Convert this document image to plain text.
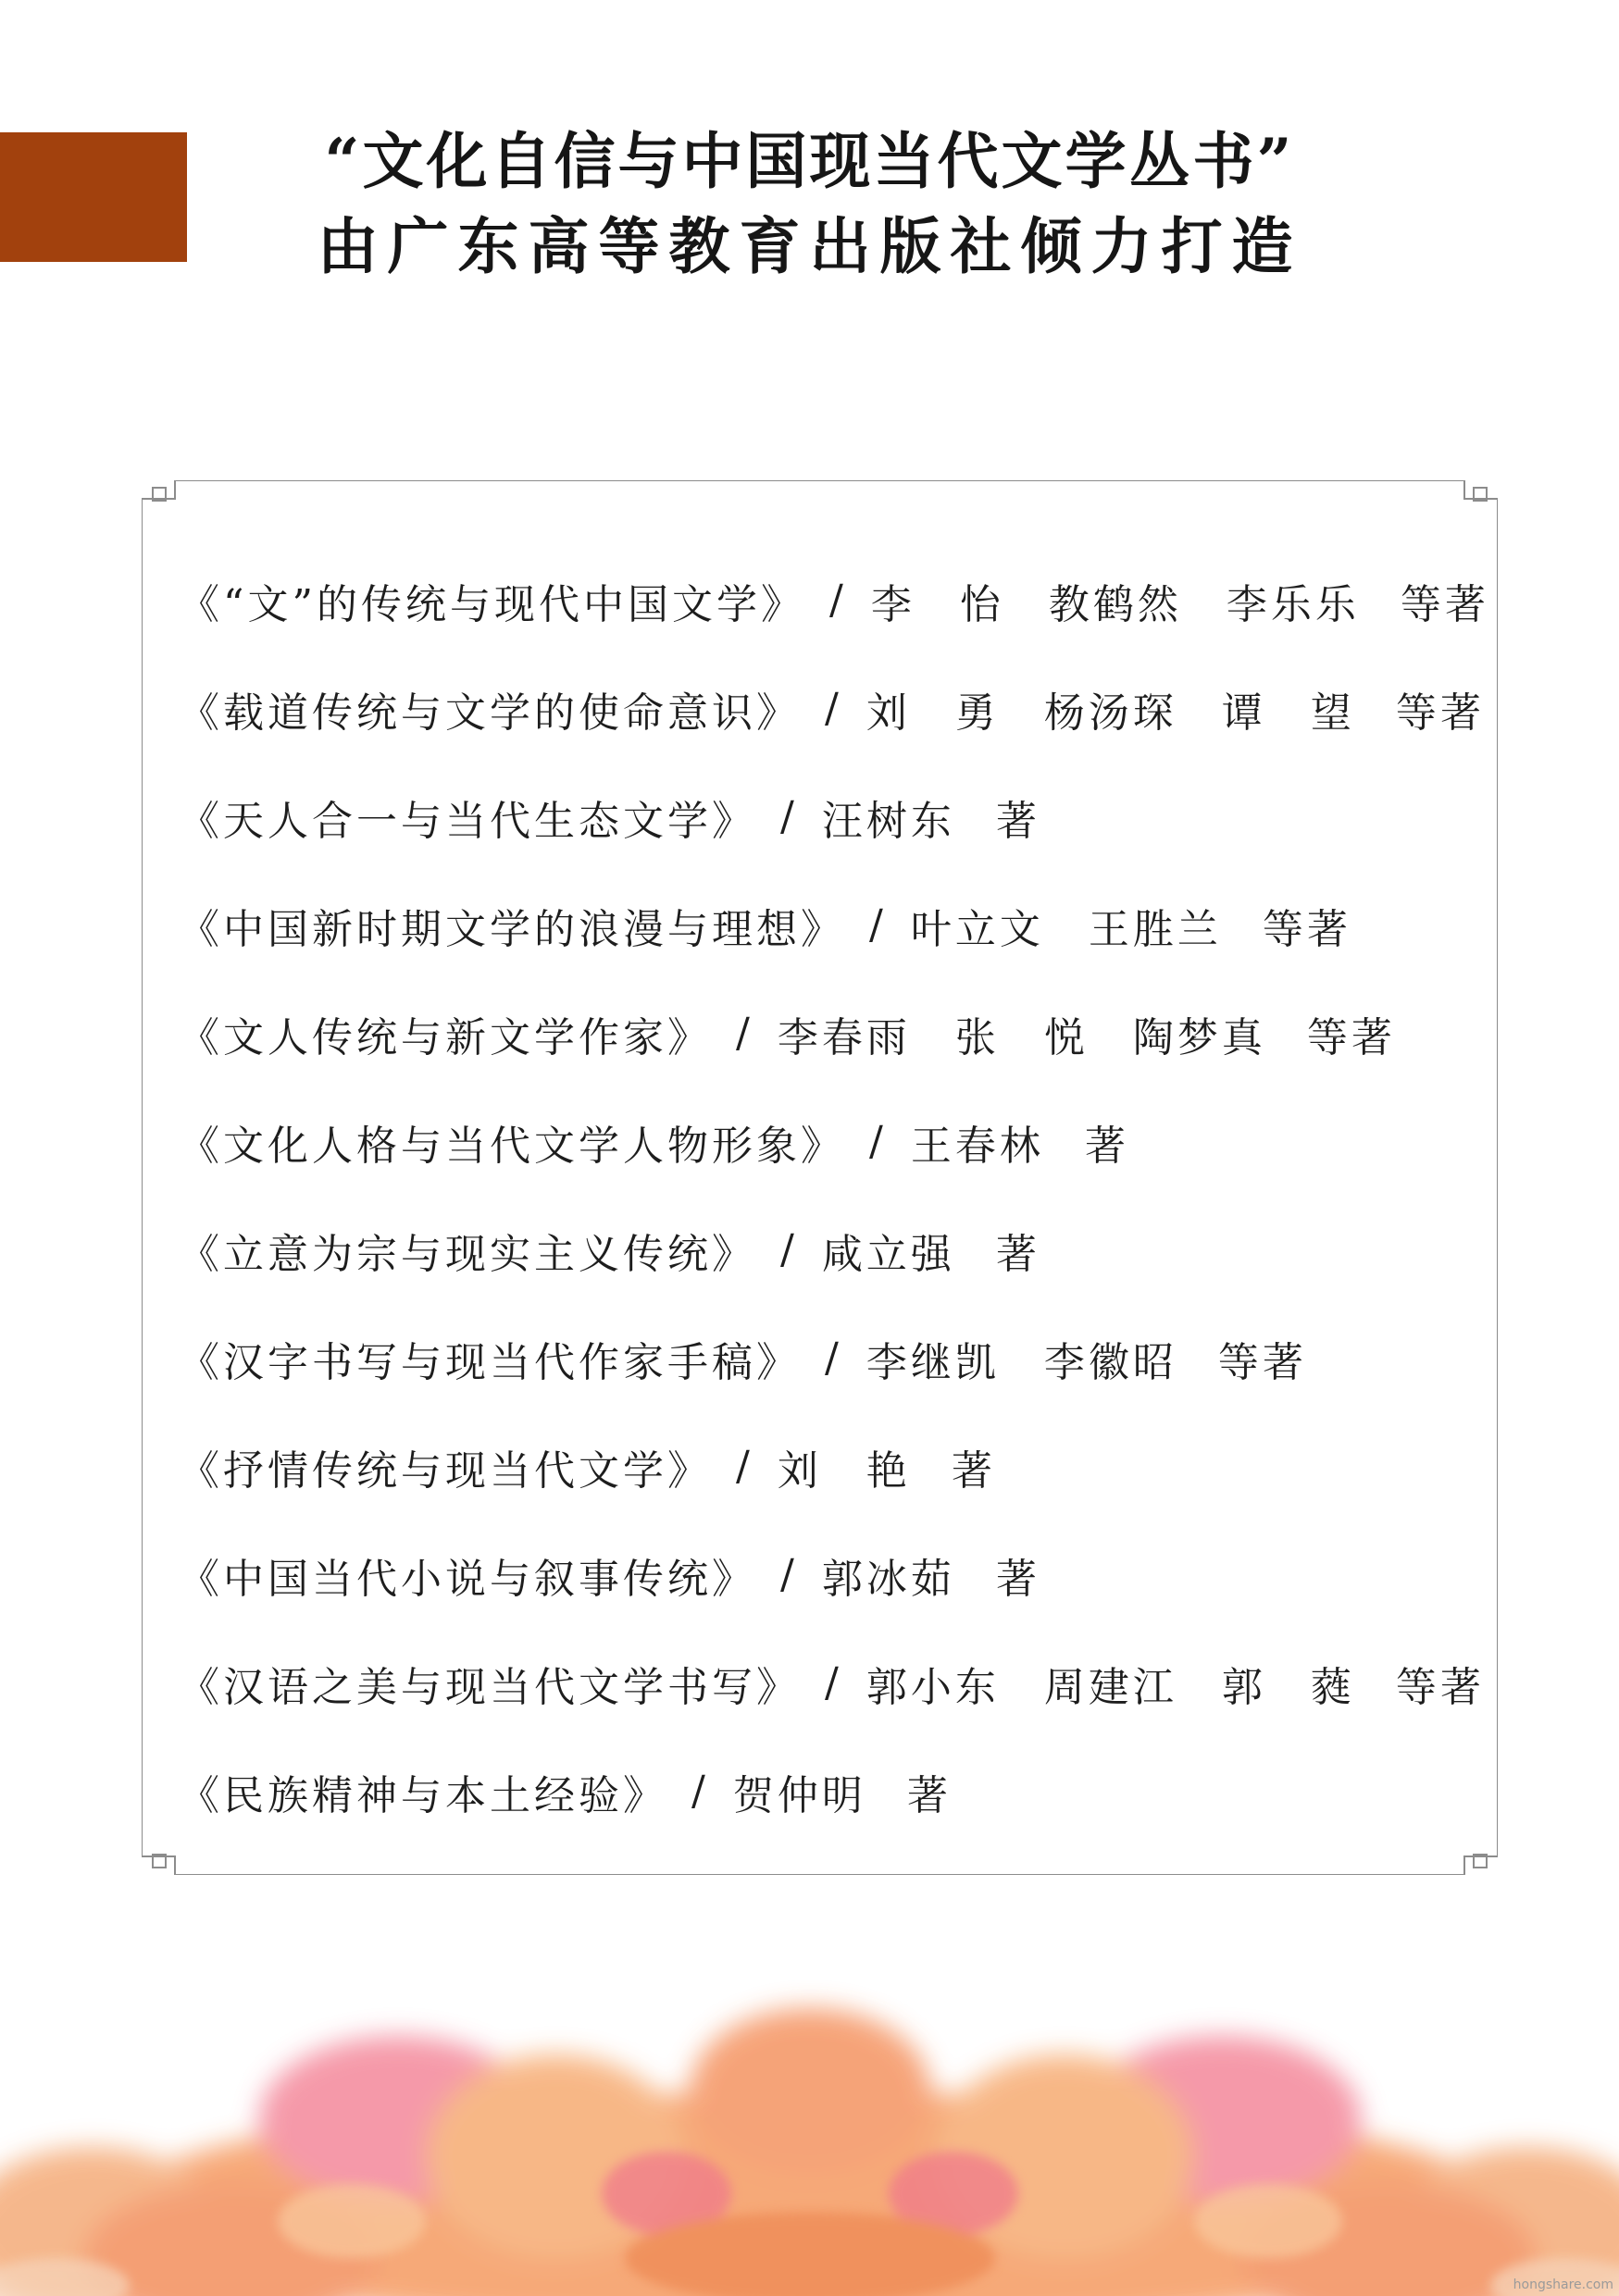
“文化自信与中国现当代文学丛书”
由广东高等教育出版社倾力打造
《“文”的传统与现代中国文学》 / 李　怡　教鹤然　李乐乐 等著
《载道传统与文学的使命意识》 / 刘　勇　杨汤琛　谭　望 等著
《天人合一与当代生态文学》 / 汪树东 著
《中国新时期文学的浪漫与理想》 / 叶立文　王胜兰 等著
《文人传统与新文学作家》 / 李春雨　张　悦　陶梦真 等著
《文化人格与当代文学人物形象》 / 王春林 著
《立意为宗与现实主义传统》 / 咸立强 著
《汉字书写与现当代作家手稿》 / 李继凯　李徽昭 等著
《抒情传统与现当代文学》 / 刘　艳 著
《中国当代小说与叙事传统》 / 郭冰茹 著
《汉语之美与现当代文学书写》 / 郭小东　周建江　郭　蕤 等著
《民族精神与本土经验》 / 贺仲明 著
hongshare.com
